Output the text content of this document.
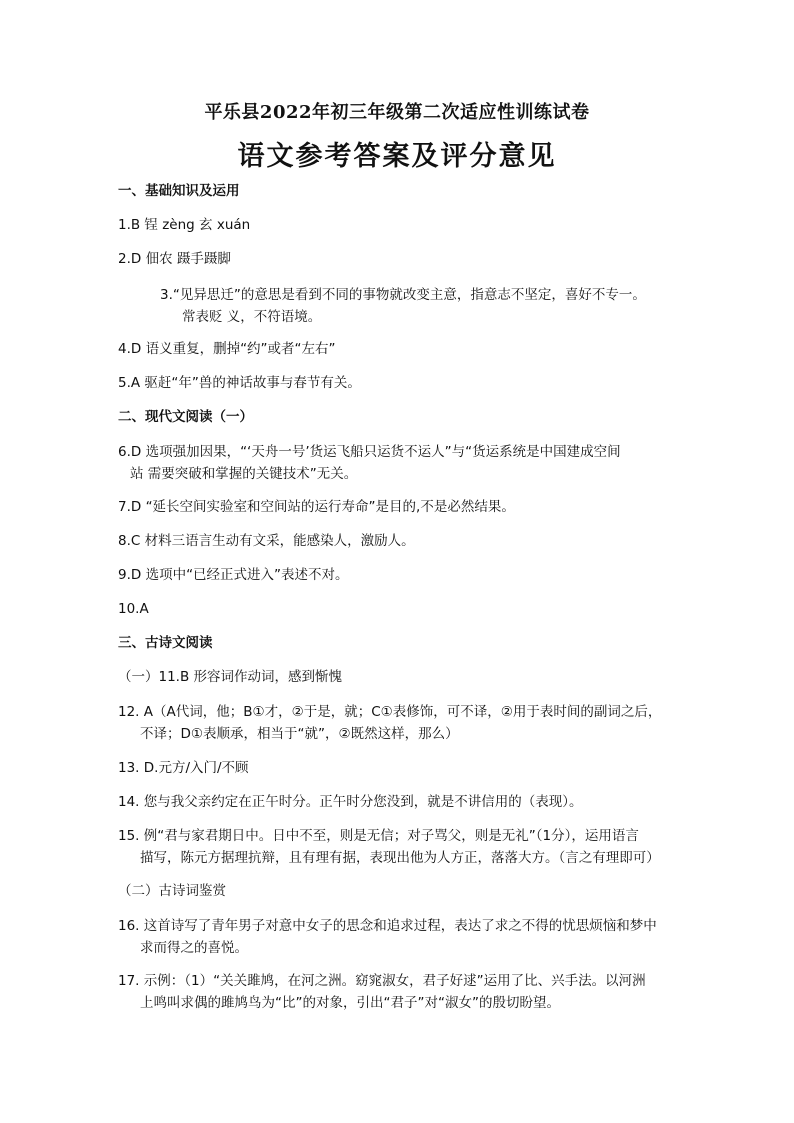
平乐县2022年初三年级第二次适应性训练试卷
语文参考答案及评分意见
一、基础知识及运用
1.B 锃 zèng 玄 xuán
2.D 佃农 蹑手蹑脚
3.“见异思迁”的意思是看到不同的事物就改变主意，指意志不坚定，喜好不专一。
常表贬 义，不符语境。
4.D 语义重复，删掉“约”或者“左右”
5.A 驱赶“年”兽的神话故事与春节有关。
二、现代文阅读（一）
6.D 选项强加因果，“‘天舟一号’货运飞船只运货不运人”与“货运系统是中国建成空间
站 需要突破和掌握的关键技术”无关。
7.D “延长空间实验室和空间站的运行寿命”是目的,不是必然结果。
8.C 材料三语言生动有文采，能感染人，激励人。
9.D 选项中“已经正式进入”表述不对。
10.A
三、古诗文阅读
（一）11.B 形容词作动词，感到惭愧
12. A（A代词，他；B①才，②于是，就；C①表修饰，可不译，②用于表时间的副词之后，
不译；D①表顺承，相当于“就”，②既然这样，那么）
13. D.元方/入门/不顾
14. 您与我父亲约定在正午时分。正午时分您没到，就是不讲信用的（表现）。
15. 例“君与家君期日中。日中不至，则是无信；对子骂父，则是无礼”（1分），运用语言
描写，陈元方据理抗辩，且有理有据，表现出他为人方正，落落大方。（言之有理即可）
（二）古诗词鉴赏
16. 这首诗写了青年男子对意中女子的思念和追求过程，表达了求之不得的忧思烦恼和梦中
求而得之的喜悦。
17. 示例：（1）“关关雎鸠，在河之洲。窈窕淑女，君子好逑”运用了比、兴手法。以河洲
上鸣叫求偶的雎鸠鸟为“比”的对象，引出“君子”对“淑女”的殷切盼望。
